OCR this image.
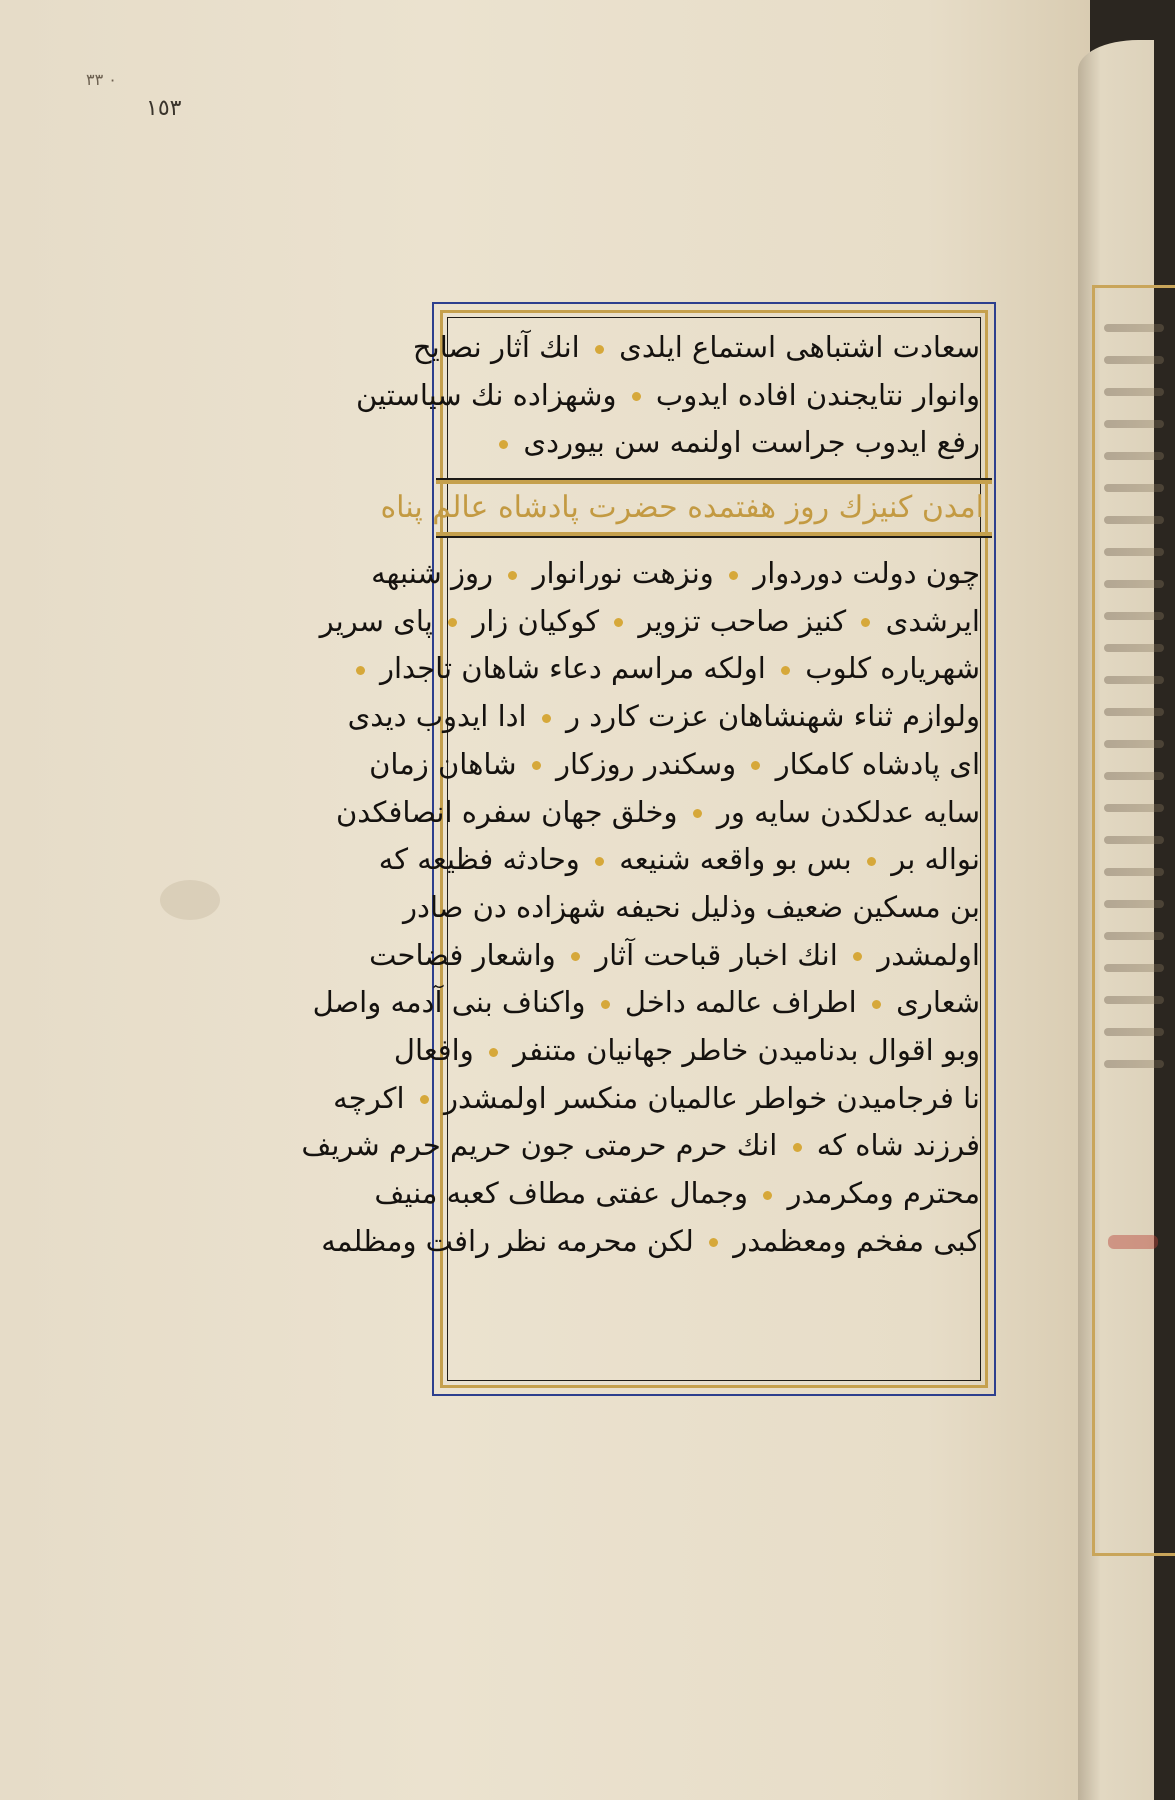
٠ ٣٣
١٥٣
سعادت اشتباهی استماع ایلدی  انك آثار نصایح
وانوار نتایجندن افاده ایدوب  وشهزاده نك سیاستین
رفع ایدوب جراست اولنمه سن بیوردی
امدن کنیزك روز هفتمده حضرت پادشاه عالم پناه
چون دولت دوردوار  ونزهت نورانوار  روز شنبهه
ایرشدی  کنیز صاحب تزویر  کوکیان زار  پای سریر
شهریاره کلوب  اولکه مراسم دعاء شاهان تاجدار
ولوازم ثناء شهنشاهان عزت کارد ر  ادا ایدوب دیدی
ای پادشاه کامکار  وسکندر روزکار  شاهان زمان
سایه عدلکدن سایه ور  وخلق جهان سفره انصافکدن
نواله بر  بس بو واقعه شنیعه  وحادثه فظیعه که
بن مسکین ضعیف وذلیل نحیفه شهزاده دن صادر
اولمشدر  انك اخبار قباحت آثار  واشعار فضاحت
شعاری  اطراف عالمه داخل  واکناف بنی آدمه واصل
وبو اقوال بدنامیدن خاطر جهانیان متنفر  وافعال
نا فرجامیدن خواطر عالمیان منکسر اولمشدر  اکرچه
فرزند شاه که  انك حرم حرمتی جون حریم حرم شریف
محترم ومکرمدر  وجمال عفتی مطاف کعبه منیف
کبی مفخم ومعظمدر  لکن محرمه نظر رافت ومظلمه
